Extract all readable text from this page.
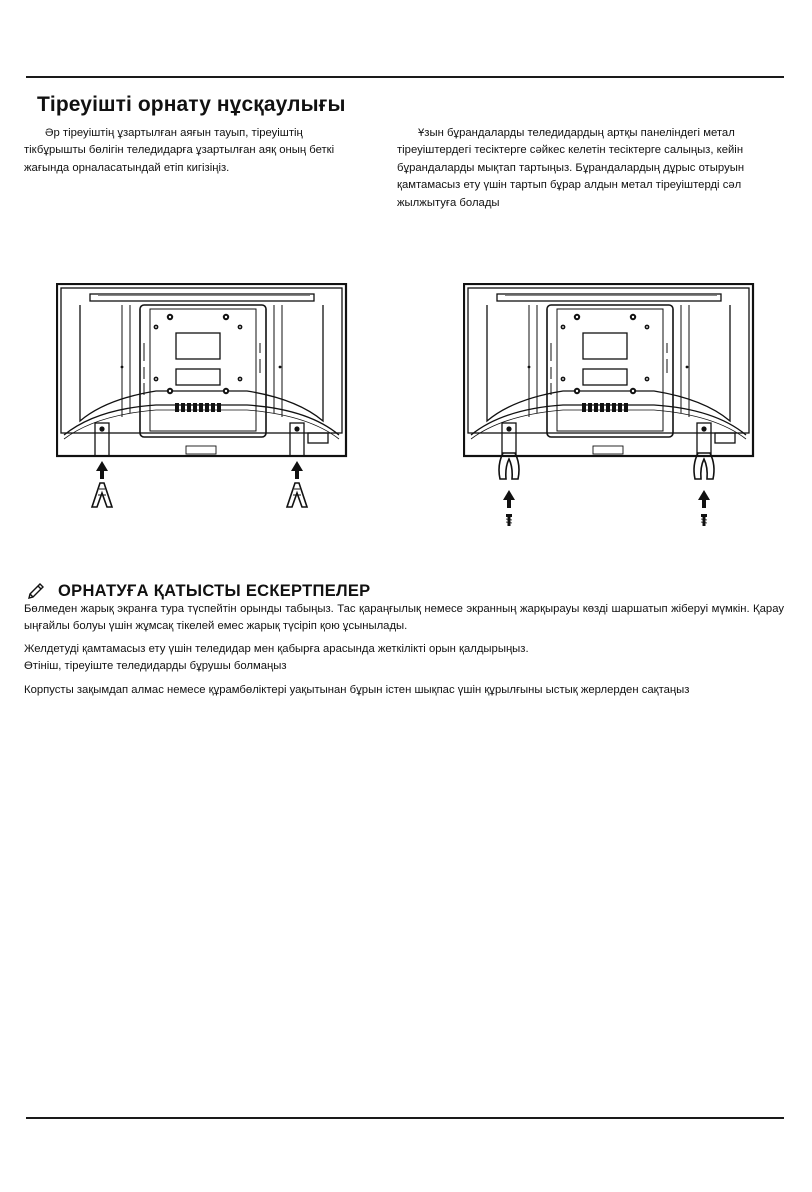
Тіреуішті орнату нұсқаулығы

Әр тіреуіштің ұзартылған аяғын тауып, тіреуіштің тікбұрышты бөлігін теледидарға ұзартылған аяқ оның беткі жағында орналасатындай етіп кигізіңіз.

Ұзын бұрандаларды теледидардың артқы панеліндегі метал тіреуіштердегі тесіктерге сәйкес келетін тесіктерге салыңыз, кейін бұрандаларды мықтап тартыңыз. Бұрандалардың дұрыс отыруын қамтамасыз ету үшін тартып бұрар алдын метал тіреуіштерді сәл жылжытуға болады

ОРНАТУҒА ҚАТЫСТЫ ЕСКЕРТПЕЛЕР

Бөлмеден жарық экранға тура түспейтін орынды табыңыз. Тас қараңғылық немесе экранның жарқырауы көзді шаршатып жіберуі мүмкін. Қарау ыңғайлы болуы үшін жұмсақ тікелей емес жарық түсіріп қою ұсынылады.

Желдетуді қамтамасыз ету үшін теледидар мен қабырға арасында жеткілікті орын қалдырыңыз.

Өтініш, тіреуіште теледидарды бұрушы болмаңыз

Корпусты зақымдап алмас немесе құрамбөліктері уақытынан бұрын істен шықпас үшін құрылғыны ыстық жерлерден сақтаңыз
